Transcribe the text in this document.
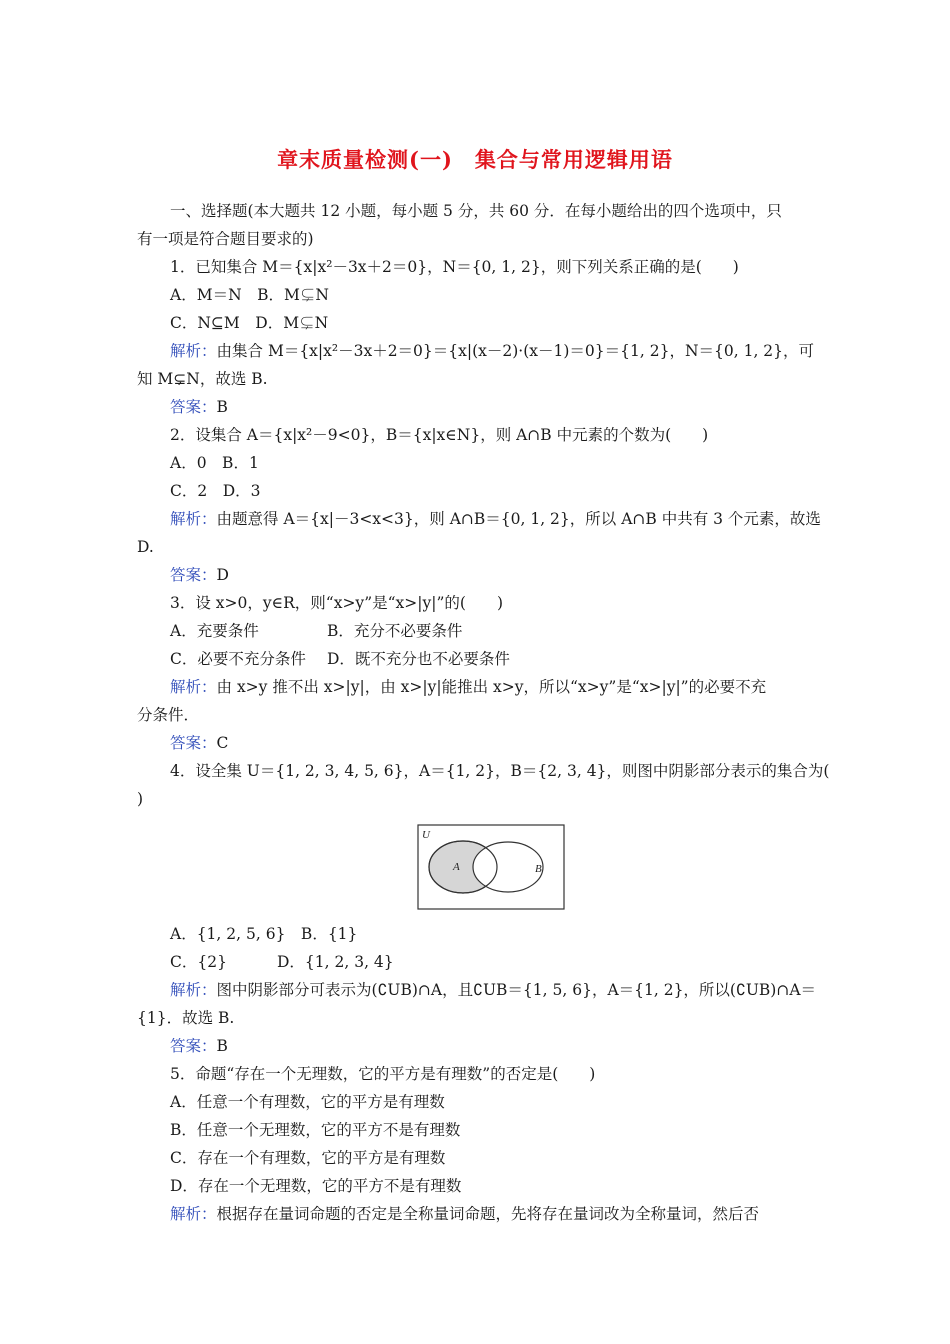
章末质量检测(一)　集合与常用逻辑用语
一、选择题(本大题共 12 小题，每小题 5 分，共 60 分．在每小题给出的四个选项中，只
有一项是符合题目要求的)
1．已知集合 M＝{x|x²－3x＋2＝0}，N＝{0, 1, 2}，则下列关系正确的是(　　)
A．M＝N　B．M⊊N
C．N⊆M　D．M⊊N
解析：由集合 M＝{x|x²－3x＋2＝0}＝{x|(x－2)·(x－1)＝0}＝{1, 2}，N＝{0, 1, 2}，可
知 M⊊N，故选 B.
答案：B
2．设集合 A＝{x|x²－9<0}，B＝{x|x∈N}，则 A∩B 中元素的个数为(　　)
A．0　B．1
C．2　D．3
解析：由题意得 A＝{x|－3<x<3}，则 A∩B＝{0, 1, 2}，所以 A∩B 中共有 3 个元素，故选
D.
答案：D
3．设 x>0，y∈R，则“x>y”是“x>|y|”的(　　)
A．充要条件	B．充分不必要条件
C．必要不充分条件	D．既不充分也不必要条件
解析：由 x>y 推不出 x>|y|，由 x>|y|能推出 x>y，所以“x>y”是“x>|y|”的必要不充
分条件．
答案：C
4．设全集 U＝{1, 2, 3, 4, 5, 6}，A＝{1, 2}，B＝{2, 3, 4}，则图中阴影部分表示的集合为(
)
U
A	B
A．{1, 2, 5, 6}　B．{1}
C．{2}	D．{1, 2, 3, 4}
解析：图中阴影部分可表示为(∁UB)∩A，且∁UB＝{1, 5, 6}，A＝{1, 2}，所以(∁UB)∩A＝
{1}．故选 B.
答案：B
5．命题“存在一个无理数，它的平方是有理数”的否定是(　　)
A．任意一个有理数，它的平方是有理数
B．任意一个无理数，它的平方不是有理数
C．存在一个有理数，它的平方是有理数
D．存在一个无理数，它的平方不是有理数
解析：根据存在量词命题的否定是全称量词命题，先将存在量词改为全称量词，然后否
